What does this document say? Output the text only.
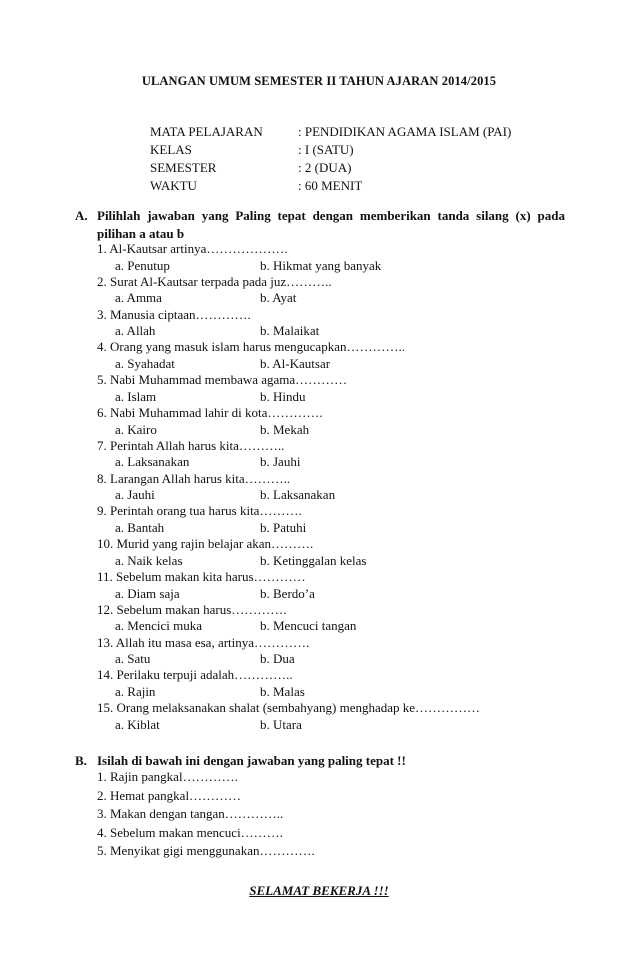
ULANGAN UMUM SEMESTER II TAHUN AJARAN 2014/2015
MATA PELAJARAN	: PENDIDIKAN AGAMA ISLAM (PAI)
KELAS	: I (SATU)
SEMESTER	: 2 (DUA)
WAKTU	: 60 MENIT
A. Pilihlah jawaban yang Paling tepat dengan memberikan tanda silang (x) pada pilihan a atau b
1. Al-Kautsar artinya……………….
a. Penutup	b. Hikmat yang banyak
2. Surat Al-Kautsar terpada pada juz………..
a. Amma	b. Ayat
3. Manusia ciptaan………….
a. Allah	b. Malaikat
4. Orang yang masuk islam harus mengucapkan…………..
a. Syahadat	b. Al-Kautsar
5. Nabi Muhammad membawa agama…………
a. Islam	b. Hindu
6. Nabi Muhammad lahir di kota………….
a. Kairo	b. Mekah
7. Perintah Allah harus kita………..
a. Laksanakan	b. Jauhi
8. Larangan Allah harus kita………..
a. Jauhi	b. Laksanakan
9. Perintah orang tua harus kita……….
a. Bantah	b. Patuhi
10. Murid yang rajin belajar akan……….
a. Naik kelas	b. Ketinggalan kelas
11. Sebelum makan kita harus…………
a. Diam saja	b. Berdo’a
12. Sebelum makan harus………….
a. Mencici muka	b. Mencuci tangan
13. Allah itu masa esa, artinya………….
a. Satu	b. Dua
14. Perilaku terpuji adalah…………..
a. Rajin	b. Malas
15. Orang melaksanakan shalat (sembahyang) menghadap ke……………
a. Kiblat	b. Utara
B. Isilah di bawah ini dengan jawaban yang paling tepat !!
1. Rajin pangkal………….
2. Hemat pangkal…………
3. Makan dengan tangan…………..
4. Sebelum makan mencuci……….
5. Menyikat gigi menggunakan………….
SELAMAT BEKERJA !!!
